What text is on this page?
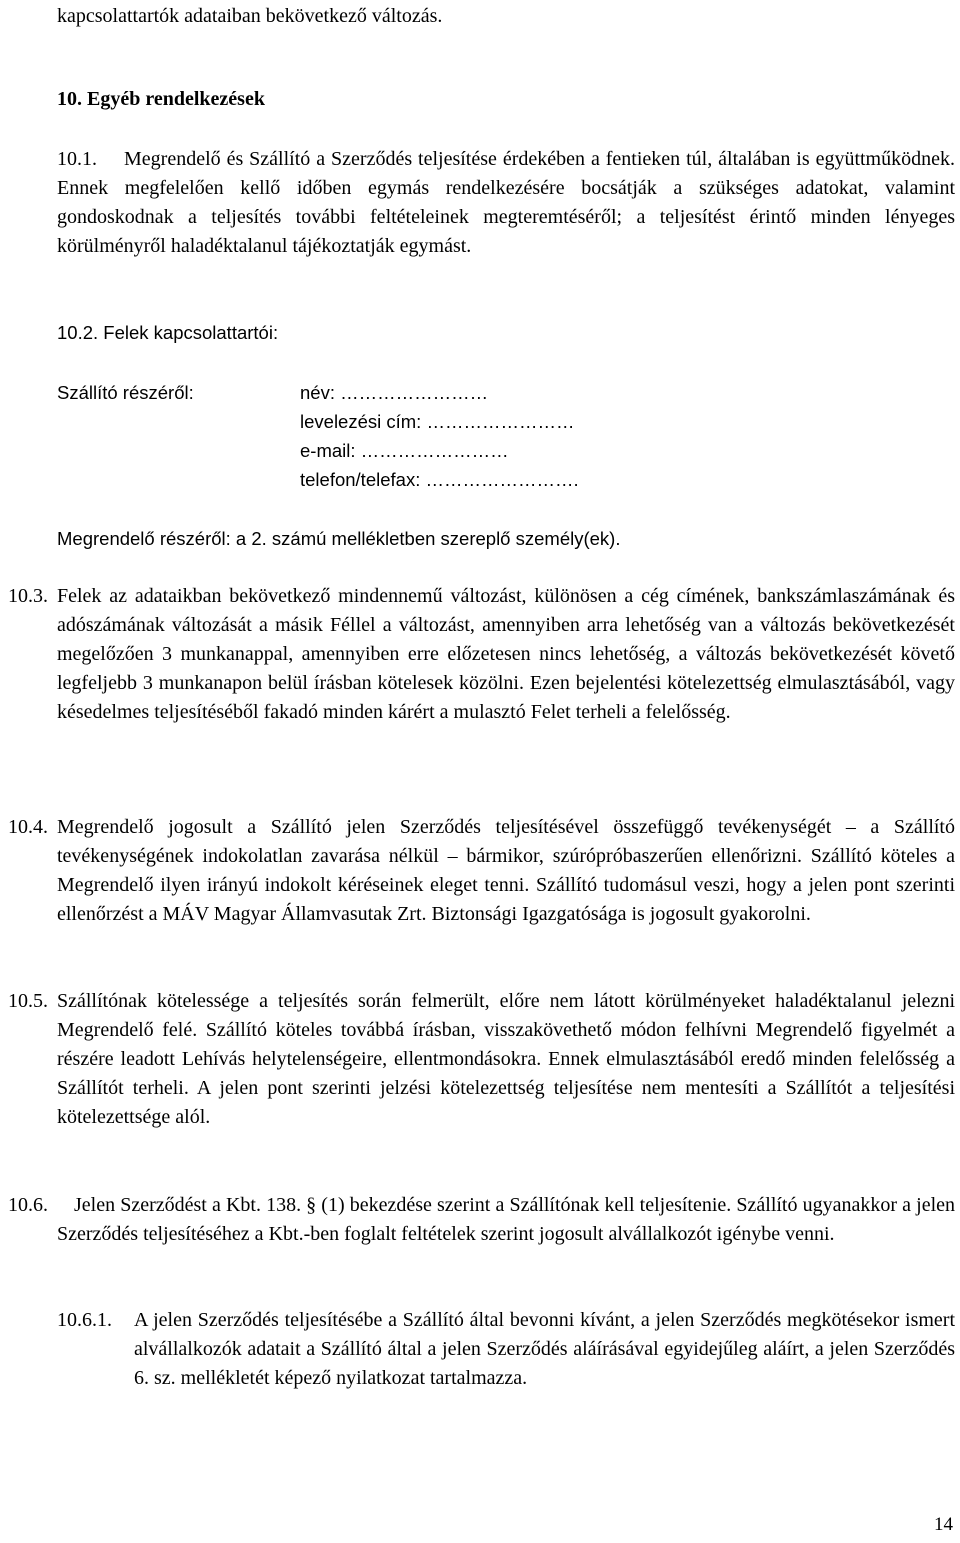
kapcsolattartók adataiban bekövetkező változás.

10. Egyéb rendelkezések

10.1.	Megrendelő és Szállító a Szerződés teljesítése érdekében a fentieken túl, általában is együttműködnek. Ennek megfelelően kellő időben egymás rendelkezésére bocsátják a szükséges adatokat, valamint gondoskodnak a teljesítés további feltételeinek megteremtéséről; a teljesítést érintő minden lényeges körülményről haladéktalanul tájékoztatják egymást.

10.2. Felek kapcsolattartói:

Szállító részéről:	név: ……………………
levelezési cím: ……………………
e-mail: ……………………
telefon/telefax: …………………….

Megrendelő részéről: a 2. számú mellékletben szereplő személy(ek).

10.3. Felek az adataikban bekövetkező mindennemű változást, különösen a cég címének, bankszámlaszámának és adószámának változását a másik Féllel a változást, amennyiben arra lehetőség van a változás bekövetkezését megelőzően 3 munkanappal, amennyiben erre előzetesen nincs lehetőség, a változás bekövetkezését követő legfeljebb 3 munkanapon belül írásban kötelesek közölni. Ezen bejelentési kötelezettség elmulasztásából, vagy késedelmes teljesítéséből fakadó minden kárért a mulasztó Felet terheli a felelősség.

10.4. Megrendelő jogosult a Szállító jelen Szerződés teljesítésével összefüggő tevékenységét – a Szállító tevékenységének indokolatlan zavarása nélkül – bármikor, szúrópróbaszerűen ellenőrizni. Szállító köteles a Megrendelő ilyen irányú indokolt kéréseinek eleget tenni. Szállító tudomásul veszi, hogy a jelen pont szerinti ellenőrzést a MÁV Magyar Államvasutak Zrt. Biztonsági Igazgatósága is jogosult gyakorolni.

10.5. Szállítónak kötelessége a teljesítés során felmerült, előre nem látott körülményeket haladéktalanul jelezni Megrendelő felé. Szállító köteles továbbá írásban, visszakövethető módon felhívni Megrendelő figyelmét a részére leadott Lehívás helytelenségeire, ellentmondásokra. Ennek elmulasztásából eredő minden felelősség a Szállítót terheli. A jelen pont szerinti jelzési kötelezettség teljesítése nem mentesíti a Szállítót a teljesítési kötelezettsége alól.

10.6.	Jelen Szerződést a Kbt. 138. § (1) bekezdése szerint a Szállítónak kell teljesítenie. Szállító ugyanakkor a jelen Szerződés teljesítéséhez a Kbt.-ben foglalt feltételek szerint jogosult alvállalkozót igénybe venni.

10.6.1. A jelen Szerződés teljesítésébe a Szállító által bevonni kívánt, a jelen Szerződés megkötésekor ismert alvállalkozók adatait a Szállító által a jelen Szerződés aláírásával egyidejűleg aláírt, a jelen Szerződés 6. sz. mellékletét képező nyilatkozat tartalmazza.

14
